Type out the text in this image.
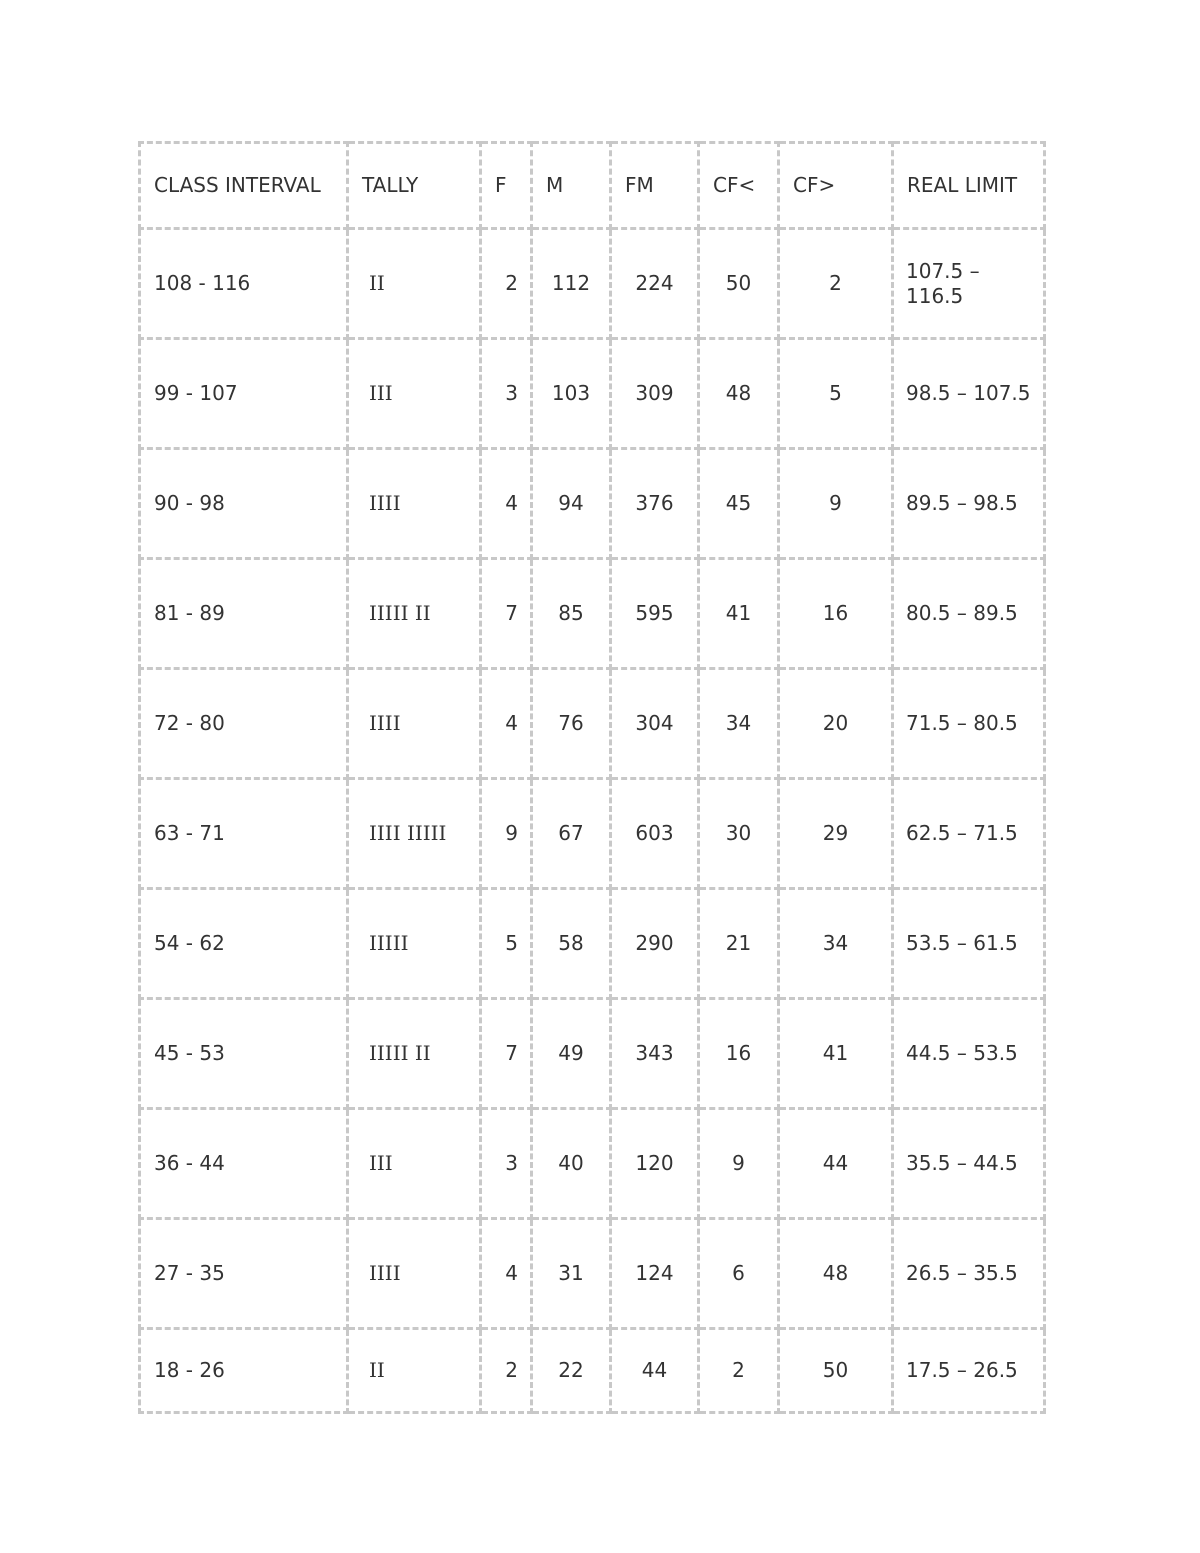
CLASS INTERVAL	TALLY	F	M	FM	CF<	CF>	REAL LIMIT
108 - 116	II	2	112	224	50	2	107.5 – 116.5
99 - 107	III	3	103	309	48	5	98.5 – 107.5
90 - 98	IIII	4	94	376	45	9	89.5 – 98.5
81 - 89	IIIII II	7	85	595	41	16	80.5 – 89.5
72 - 80	IIII	4	76	304	34	20	71.5 – 80.5
63 - 71	IIII IIIII	9	67	603	30	29	62.5 – 71.5
54 - 62	IIIII	5	58	290	21	34	53.5 – 61.5
45 - 53	IIIII II	7	49	343	16	41	44.5 – 53.5
36 - 44	III	3	40	120	9	44	35.5 – 44.5
27 - 35	IIII	4	31	124	6	48	26.5 – 35.5
18 - 26	II	2	22	44	2	50	17.5 – 26.5
